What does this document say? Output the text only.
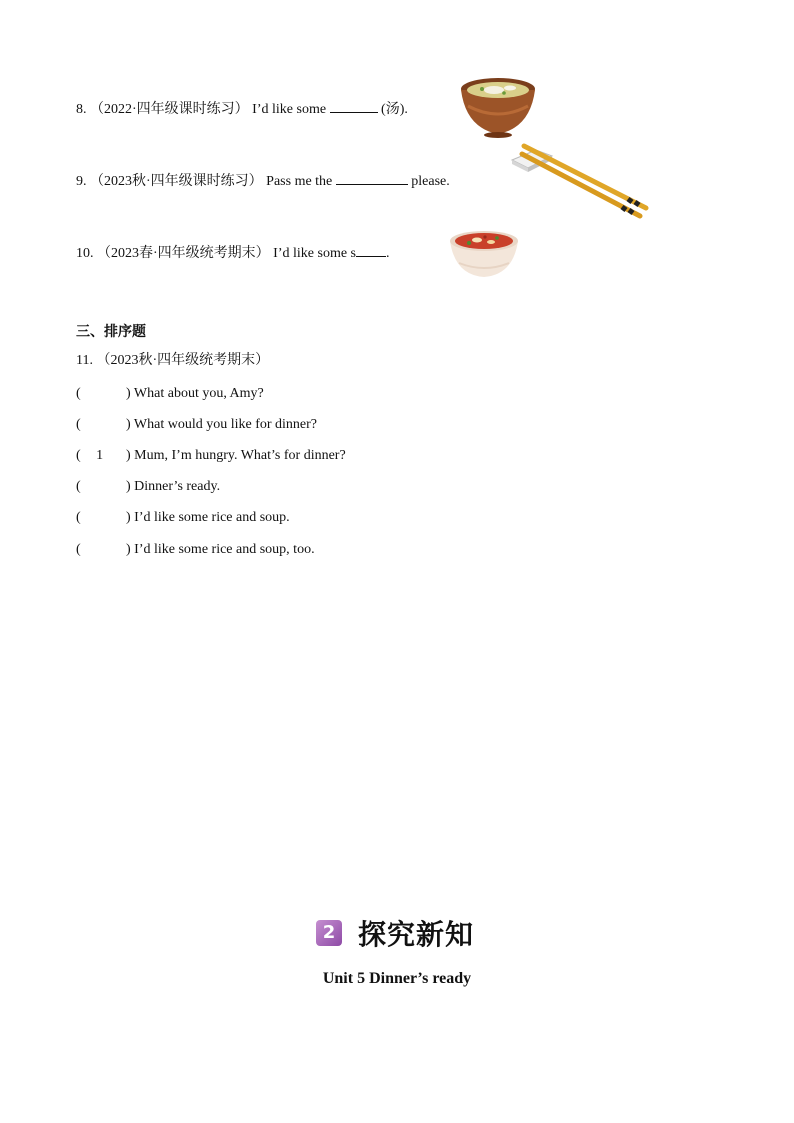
8. （2022·四年级课时练习） I’d like some	(汤).
9. （2023秋·四年级课时练习） Pass me the	please.
10. （2023春·四年级统考期末） I’d like some s .
三、排序题
11. （2023秋·四年级统考期末）
(	) What about you, Amy?
(	) What would you like for dinner?
( 1 ) Mum, I’m hungry. What’s for dinner?
(	) Dinner’s ready.
(	) I’d like some rice and soup.
(	) I’d like some rice and soup, too.
2 探究新知
Unit 5 Dinner’s ready
